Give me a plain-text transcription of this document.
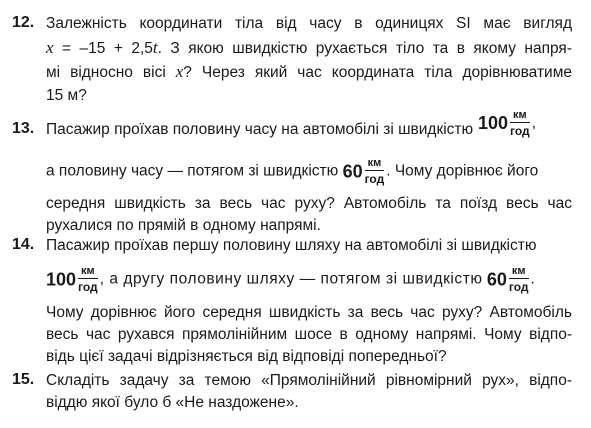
12. Залежність координати тіла від часу в одиницях SI має вигляд
x = –15 + 2,5t. З якою швидкістю рухається тіло та в якому напря-
мі відносно вісі x? Через який час координата тіла дорівнюватиме
15 м?
13. Пасажир проїхав половину часу на автомобілі зі швидкістю $100 \frac{км}{\text{год}}$ ,
а половину часу — потягом зі швидкістю $60 \frac{км}{\text{год}}$ . Чому дорівнює його
середня швидкість за весь час руху? Автомобіль та поїзд весь час
рухалися по прямій в одному напрямі.
14. Пасажир проїхав першу половину шляху на автомобілі зі швидкістю
$100 \frac{км}{\text{год}}$ , а другу половину шляху — потягом зі швидкістю $60 \frac{км}{\text{год}}$ .
Чому дорівнює його середня швидкість за весь час руху? Автомобіль
весь час рухався прямолінійним шосе в одному напрямі. Чому відпо-
відь цієї задачі відрізняється від відповіді попередньої?
15. Складіть задачу за темою «Прямолінійний рівномірний рух», відпо-
віддю якої було б «Не наздожене».
